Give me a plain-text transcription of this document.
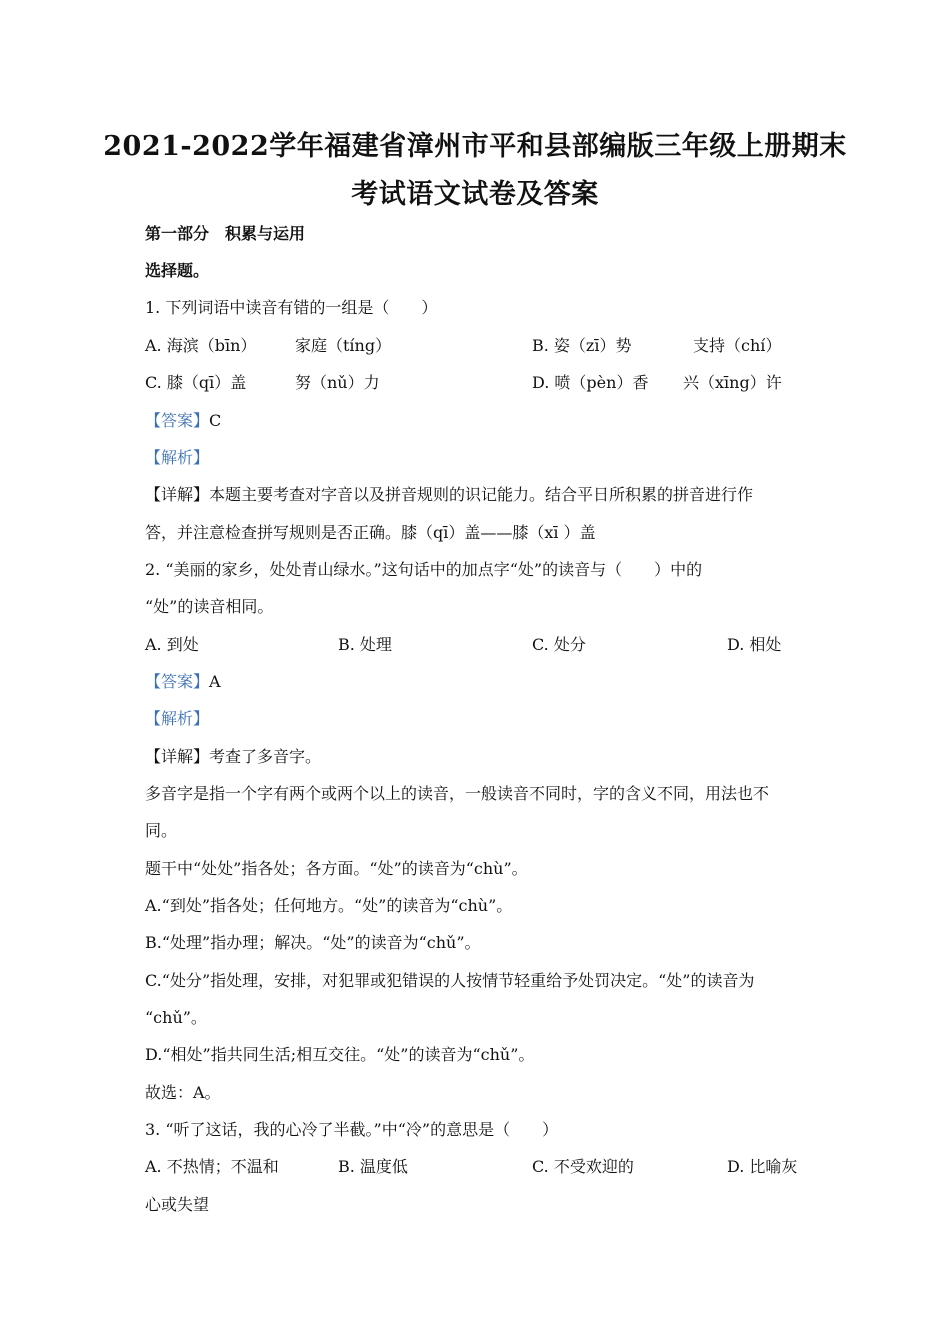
2021-2022学年福建省漳州市平和县部编版三年级上册期末
考试语文试卷及答案
第一部分　积累与运用
选择题。
1. 下列词语中读音有错的一组是（　　）
A. 海滨（bīn） 家庭（tíng）	B. 姿（zī）势	支持（chí）
C. 膝（qī）盖	努（nǔ）力	D. 喷（pèn）香 兴（xīng）许
【答案】C
【解析】
【详解】本题主要考查对字音以及拼音规则的识记能力。结合平日所积累的拼音进行作
答，并注意检查拼写规则是否正确。膝（qī）盖——膝（xī ）盖
2. “美丽的家乡，处处青山绿水。”这句话中的加点字“处”的读音与（　　）中的
“处”的读音相同。
A. 到处	B. 处理	C. 处分	D. 相处
【答案】A
【解析】
【详解】考查了多音字。
多音字是指一个字有两个或两个以上的读音，一般读音不同时，字的含义不同，用法也不
同。
题干中“处处”指各处；各方面。“处”的读音为“chù”。
A.“到处”指各处；任何地方。“处”的读音为“chù”。
B.“处理”指办理；解决。“处”的读音为“chǔ”。
C.“处分”指处理，安排，对犯罪或犯错误的人按情节轻重给予处罚决定。“处”的读音为
“chǔ”。
D.“相处”指共同生活;相互交往。“处”的读音为“chǔ”。
故选：A。
3. “听了这话，我的心冷了半截。”中“冷”的意思是（　　）
A. 不热情；不温和	B. 温度低	C. 不受欢迎的	D. 比喻灰
心或失望
